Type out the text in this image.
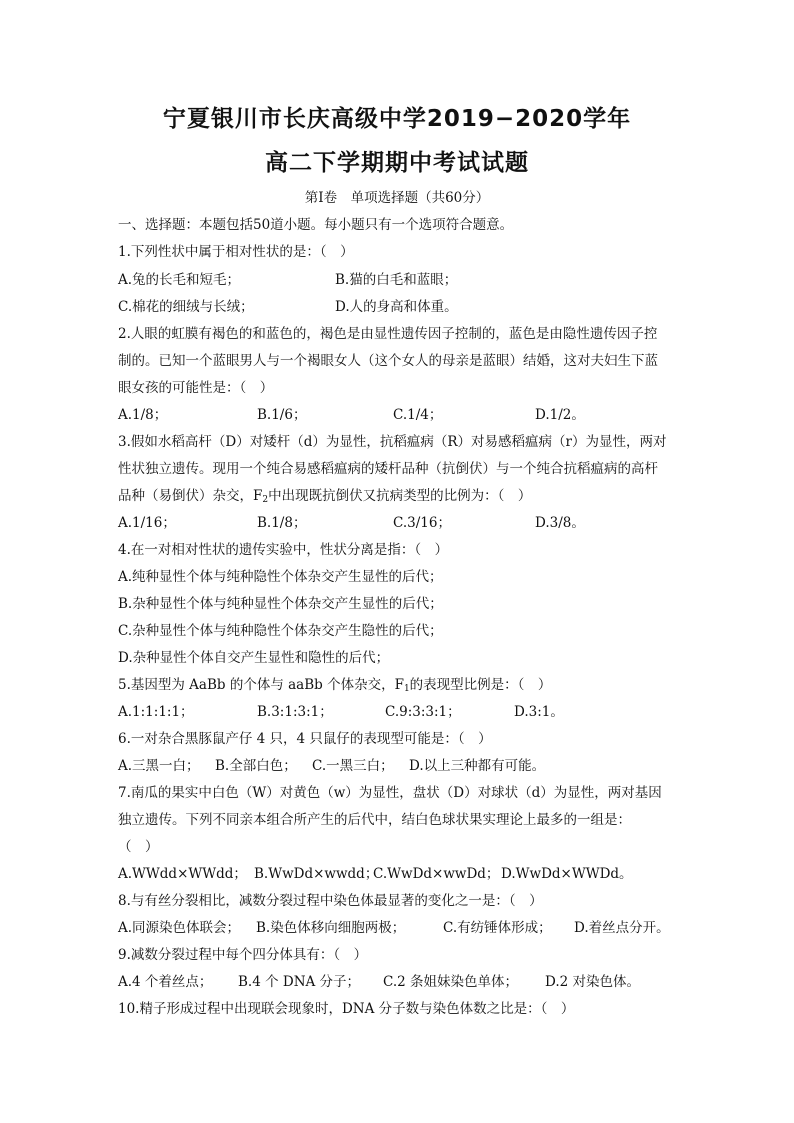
宁夏银川市长庆高级中学2019−2020学年
高二下学期期中考试试题
第Ⅰ卷　单项选择题（共60分）
一、选择题：本题包括50道小题。每小题只有一个选项符合题意。
1.下列性状中属于相对性状的是：（　）
A.兔的长毛和短毛；	B.猫的白毛和蓝眼；
C.棉花的细绒与长绒；	D.人的身高和体重。
2.人眼的虹膜有褐色的和蓝色的，褐色是由显性遗传因子控制的，蓝色是由隐性遗传因子控
制的。已知一个蓝眼男人与一个褐眼女人（这个女人的母亲是蓝眼）结婚，这对夫妇生下蓝
眼女孩的可能性是：（　）
A.1/8；	B.1/6；	C.1/4；	D.1/2。
3.假如水稻高杆（D）对矮杆（d）为显性，抗稻瘟病（R）对易感稻瘟病（r）为显性，两对
性状独立遗传。现用一个纯合易感稻瘟病的矮杆品种（抗倒伏）与一个纯合抗稻瘟病的高杆
品种（易倒伏）杂交，$F_2$中出现既抗倒伏又抗病类型的比例为：（　）
A.1/16；	B.1/8；	C.3/16；	D.3/8。
4.在一对相对性状的遗传实验中，性状分离是指：（　）
A.纯种显性个体与纯种隐性个体杂交产生显性的后代；
B.杂种显性个体与纯种显性个体杂交产生显性的后代；
C.杂种显性个体与纯种隐性个体杂交产生隐性的后代；
D.杂种显性个体自交产生显性和隐性的后代；
5.基因型为 AaBb 的个体与 aaBb 个体杂交，$F_1$的表现型比例是：（　）
A.1:1:1:1；	B.3:1:3:1；	C.9:3:3:1；	D.3:1。
6.一对杂合黑豚鼠产仔 4 只，4 只鼠仔的表现型可能是：（　）
A.三黑一白； B.全部白色； C.一黑三白； D.以上三种都有可能。
7.南瓜的果实中白色（W）对黄色（w）为显性，盘状（D）对球状（d）为显性，两对基因
独立遗传。下列不同亲本组合所产生的后代中，结白色球状果实理论上最多的一组是：
（　）
A.WWdd×WWdd； B.WwDd×wwdd；
C.WwDd×wwDd； D.WwDd×WWDd。
8.与有丝分裂相比，减数分裂过程中染色体最显著的变化之一是：（　）
A.同源染色体联会； B.染色体移向细胞两极；	C.有纺锤体形成； D.着丝点分开。
9.减数分裂过程中每个四分体具有：（　）
A.4 个着丝点； B.4 个 DNA 分子； C.2 条姐妹染色单体； D.2 对染色体。
10.精子形成过程中出现联会现象时，DNA 分子数与染色体数之比是：（　）
